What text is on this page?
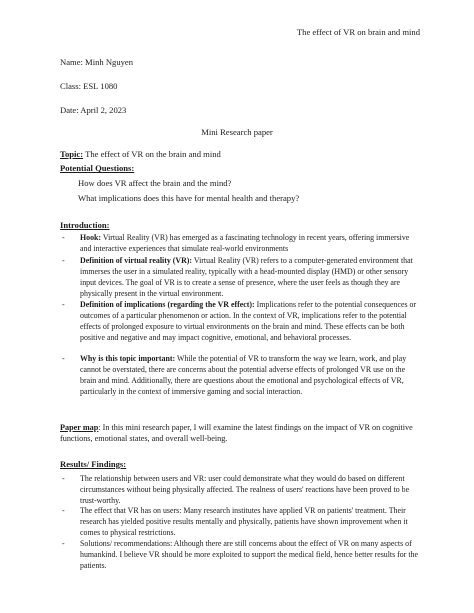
The effect of VR on brain and mind
Name: Minh Nguyen
Class: ESL 1080
Date: April 2, 2023
Mini Research paper
Topic: The effect of VR on the brain and mind
Potential Questions:
How does VR affect the brain and the mind?
What implications does this have for mental health and therapy?
Introduction:
- Hook: Virtual Reality (VR) has emerged as a fascinating technology in recent years, offering immersive and interactive experiences that simulate real-world environments
- Definition of virtual reality (VR): Virtual Reality (VR) refers to a computer-generated environment that immerses the user in a simulated reality, typically with a head-mounted display (HMD) or other sensory input devices. The goal of VR is to create a sense of presence, where the user feels as though they are physically present in the virtual environment.
- Definition of implications (regarding the VR effect): Implications refer to the potential consequences or outcomes of a particular phenomenon or action. In the context of VR, implications refer to the potential effects of prolonged exposure to virtual environments on the brain and mind. These effects can be both positive and negative and may impact cognitive, emotional, and behavioral processes.
- Why is this topic important: While the potential of VR to transform the way we learn, work, and play cannot be overstated, there are concerns about the potential adverse effects of prolonged VR use on the brain and mind. Additionally, there are questions about the emotional and psychological effects of VR, particularly in the context of immersive gaming and social interaction.
Paper map: In this mini research paper, I will examine the latest findings on the impact of VR on cognitive functions, emotional states, and overall well-being.
Results/ Findings:
- The relationship between users and VR: user could demonstrate what they would do based on different circumstances without being physically affected. The realness of users' reactions have been proved to be trust-worthy.
- The effect that VR has on users: Many research institutes have applied VR on patients' treatment. Their research has yielded positive results mentally and physically, patients have shown improvement when it comes to physical restrictions.
- Solutions/ recommendations: Although there are still concerns about the effect of VR on many aspects of humankind. I believe VR should be more exploited to support the medical field, hence better results for the patients.
